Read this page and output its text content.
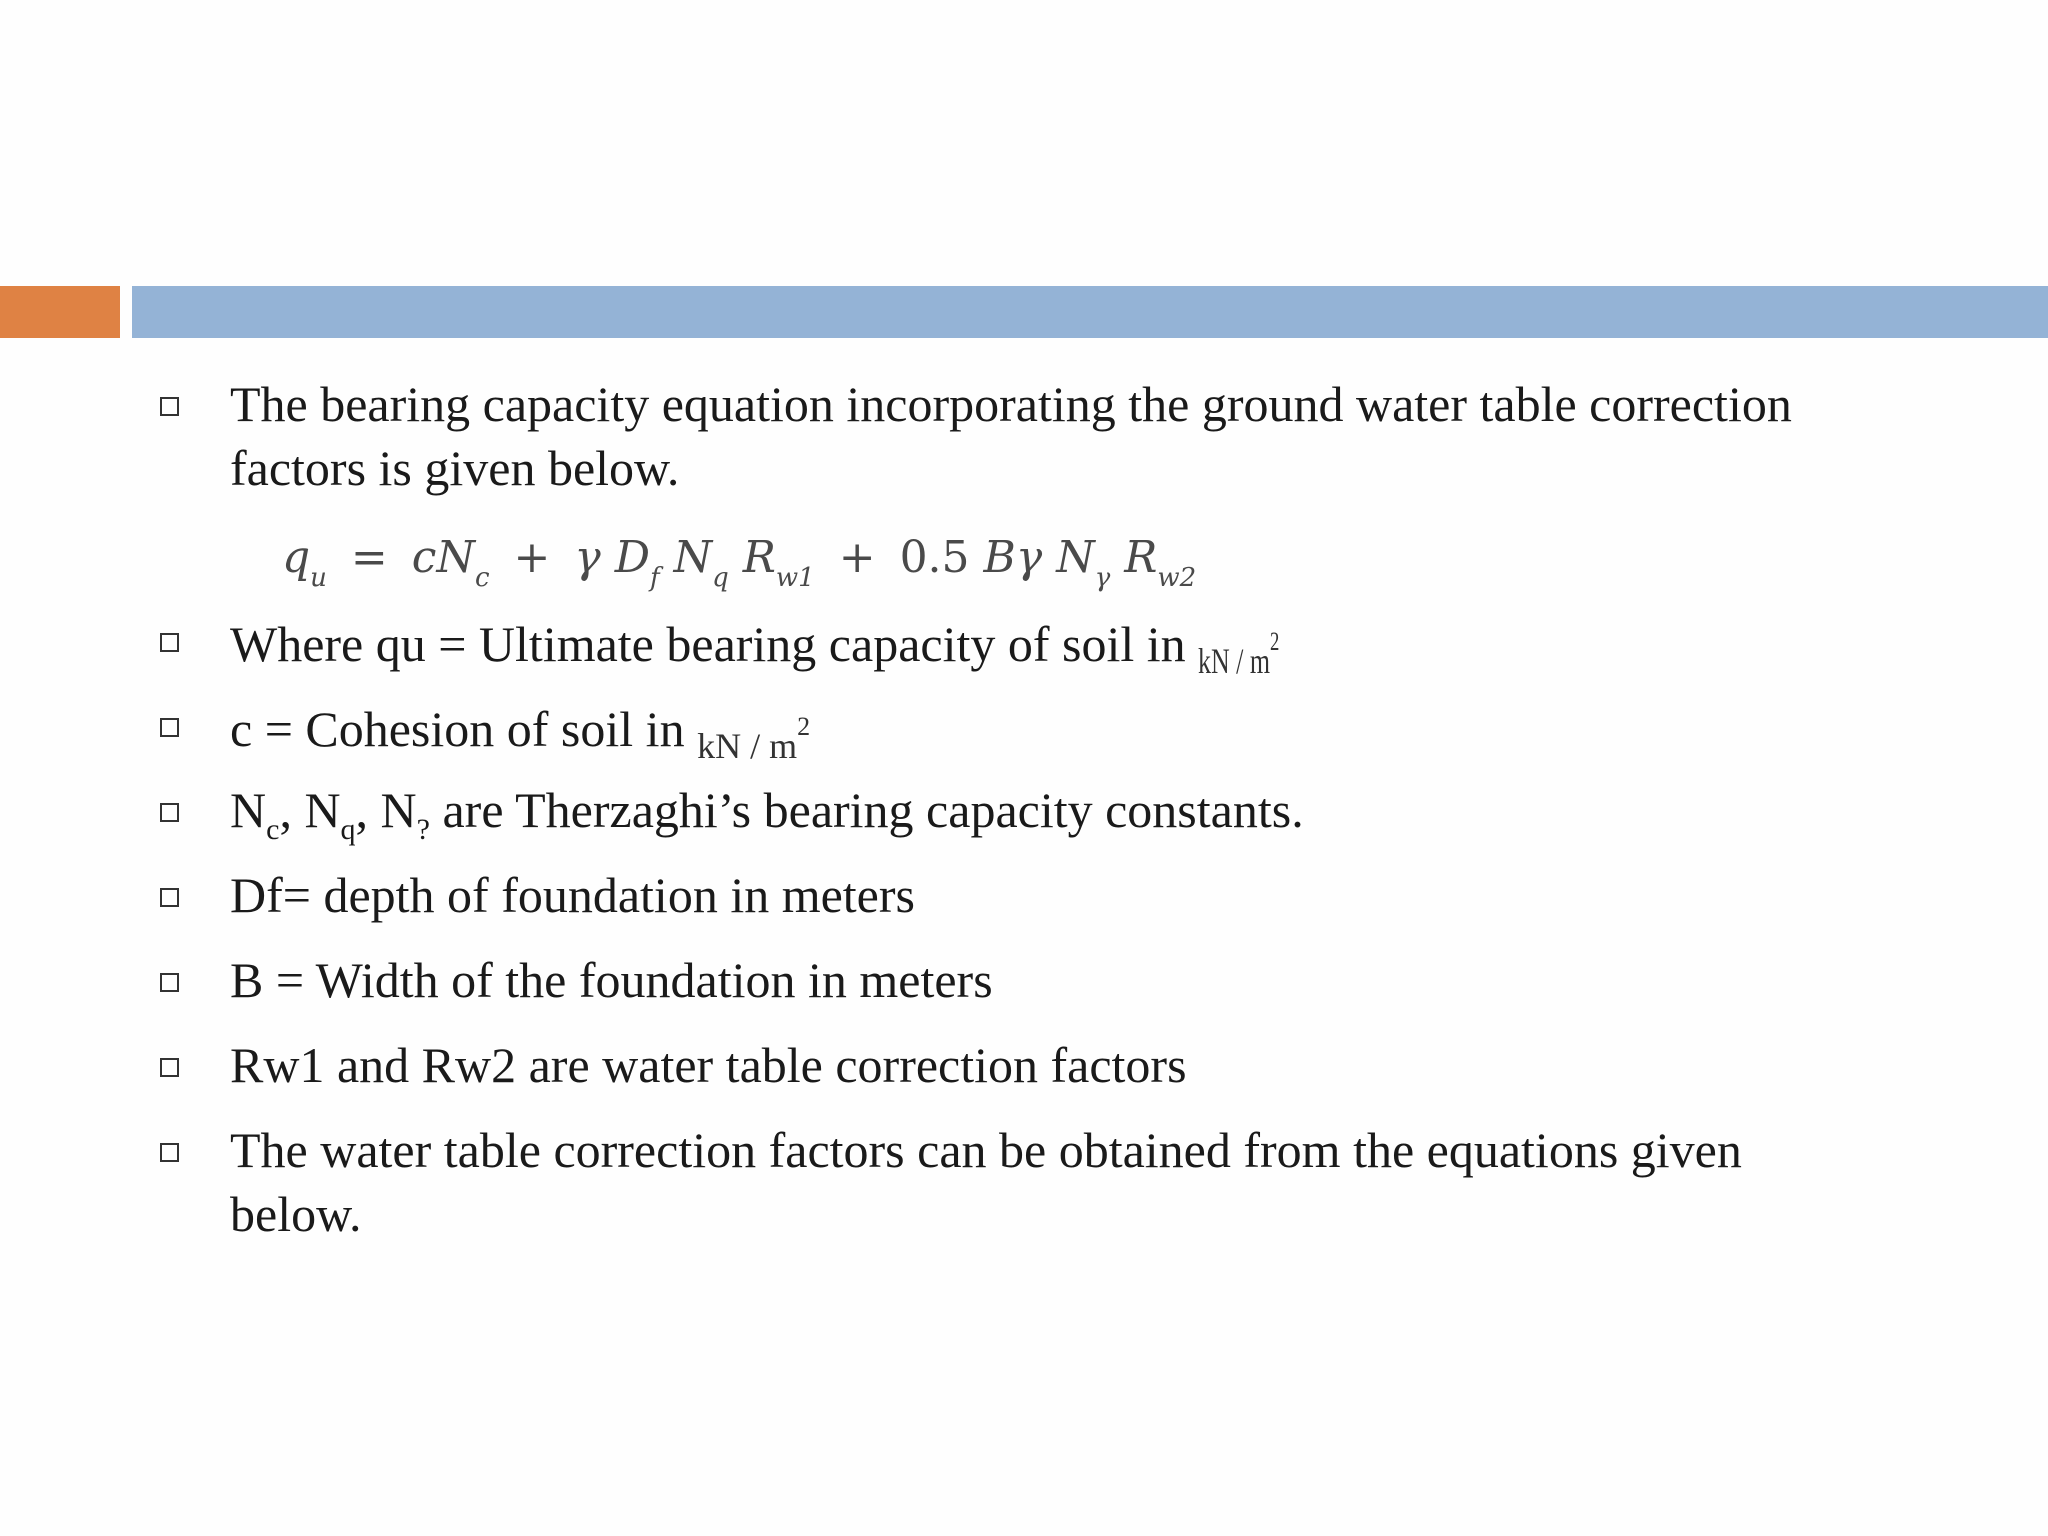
The bearing capacity equation incorporating the ground water table correction
factors is given below.
$q_u = cN_c + \gamma$ $D_f$ $N_q$ $R_{w1} + 0.5$ Bγ $N_\gamma$ $R_{w2}$
Where qu = Ultimate bearing capacity of soil in kN / $m^2$
c = Cohesion of soil in kN / $m^2$
$N_c$, $N_q$, $N_?$ are Therzaghi’s bearing capacity constants.
Df= depth of foundation in meters
B = Width of the foundation in meters
Rw1 and Rw2 are water table correction factors
The water table correction factors can be obtained from the equations given
below.
